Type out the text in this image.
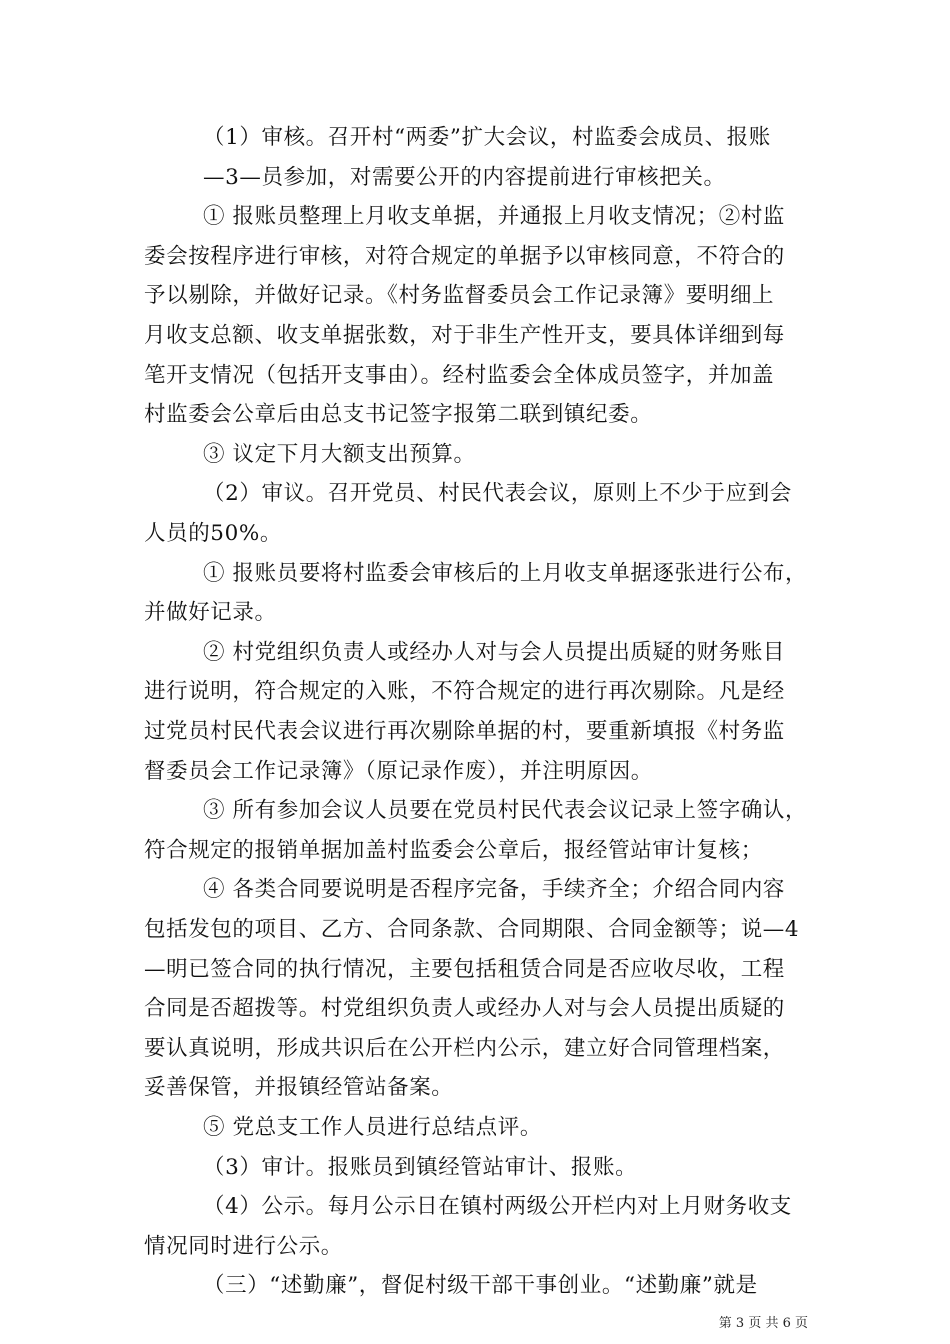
（1）审核。召开村“两委”扩大会议，村监委会成员、报账
—3—员参加，对需要公开的内容提前进行审核把关。
① 报账员整理上月收支单据，并通报上月收支情况；②村监
委会按程序进行审核，对符合规定的单据予以审核同意，不符合的
予以剔除，并做好记录。《村务监督委员会工作记录簿》要明细上
月收支总额、收支单据张数，对于非生产性开支，要具体详细到每
笔开支情况（包括开支事由）。经村监委会全体成员签字，并加盖
村监委会公章后由总支书记签字报第二联到镇纪委。
③ 议定下月大额支出预算。
（2）审议。召开党员、村民代表会议，原则上不少于应到会
人员的50%。
① 报账员要将村监委会审核后的上月收支单据逐张进行公布，
并做好记录。
② 村党组织负责人或经办人对与会人员提出质疑的财务账目
进行说明，符合规定的入账，不符合规定的进行再次剔除。凡是经
过党员村民代表会议进行再次剔除单据的村，要重新填报《村务监
督委员会工作记录簿》（原记录作废），并注明原因。
③ 所有参加会议人员要在党员村民代表会议记录上签字确认，
符合规定的报销单据加盖村监委会公章后，报经管站审计复核；
④ 各类合同要说明是否程序完备，手续齐全；介绍合同内容
包括发包的项目、乙方、合同条款、合同期限、合同金额等；说—4
—明已签合同的执行情况，主要包括租赁合同是否应收尽收，工程
合同是否超拨等。村党组织负责人或经办人对与会人员提出质疑的
要认真说明，形成共识后在公开栏内公示，建立好合同管理档案，
妥善保管，并报镇经管站备案。
⑤ 党总支工作人员进行总结点评。
（3）审计。报账员到镇经管站审计、报账。
（4）公示。每月公示日在镇村两级公开栏内对上月财务收支
情况同时进行公示。
（三）“述勤廉”，督促村级干部干事创业。“述勤廉”就是
第 3 页 共 6 页
